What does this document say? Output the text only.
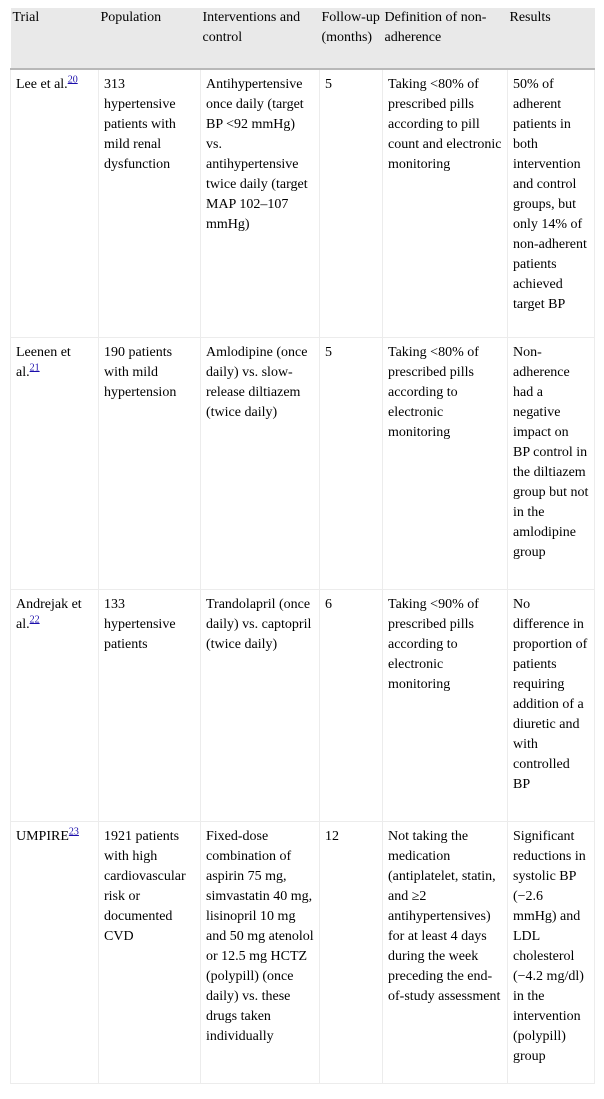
Trial	Population	Interventions and control	Follow-up (months)	Definition of non-adherence	Results
Lee et al.$^{20}$	313 hypertensive patients with mild renal dysfunction	Antihypertensive once daily (target BP <92 mmHg) vs. antihypertensive twice daily (target MAP 102–107 mmHg)	5	Taking <80% of prescribed pills according to pill count and electronic monitoring	50% of adherent patients in both intervention and control groups, but only 14% of non-adherent patients achieved target BP
Leenen et al.$^{21}$	190 patients with mild hypertension	Amlodipine (once daily) vs. slow-release diltiazem (twice daily)	5	Taking <80% of prescribed pills according to electronic monitoring	Non-adherence had a negative impact on BP control in the diltiazem group but not in the amlodipine group
Andrejak et al.$^{22}$	133 hypertensive patients	Trandolapril (once daily) vs. captopril (twice daily)	6	Taking <90% of prescribed pills according to electronic monitoring	No difference in proportion of patients requiring addition of a diuretic and with controlled BP
UMPIRE$^{23}$	1921 patients with high cardiovascular risk or documented CVD	Fixed-dose combination of aspirin 75 mg, simvastatin 40 mg, lisinopril 10 mg and 50 mg atenolol or 12.5 mg HCTZ (polypill) (once daily) vs. these drugs taken individually	12	Not taking the medication (antiplatelet, statin, and ≥2 antihypertensives) for at least 4 days during the week preceding the end-of-study assessment	Significant reductions in systolic BP (−2.6 mmHg) and LDL cholesterol (−4.2 mg/dl) in the intervention (polypill) group
